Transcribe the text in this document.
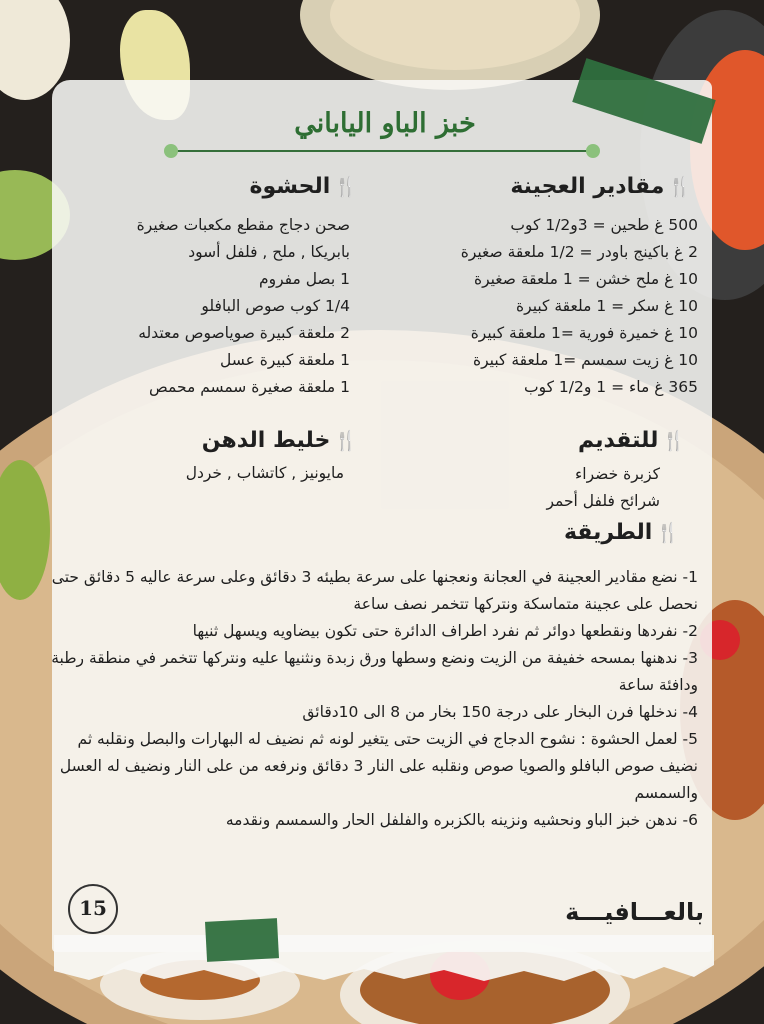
خبز الباو الياباني
🍴مقادير العجينة
500 غ طحين = 3و1/2 كوب
2 غ باكينج باودر = 1/2 ملعقة صغيرة
10 غ ملح خشن = 1 ملعقة صغيرة
10 غ سكر = 1 ملعقة كبيرة
10 غ خميرة فورية =1 ملعقة كبيرة
10 غ زيت سمسم =1 ملعقة كبيرة
365 غ ماء = 1 و1/2 كوب
🍴الحشوة
صحن دجاج مقطع مكعبات صغيرة
بابريكا , ملح , فلفل أسود
1 بصل مفروم
1/4 كوب صوص البافلو
2 ملعقة كبيرة صوياصوص معتدله
1 ملعقة كبيرة عسل
1 ملعقة صغيرة سمسم محمص
🍴للتقديم
كزبرة خضراء
شرائح فلفل أحمر
🍴خليط الدهن
مايونيز , كاتشاب , خردل
🍴الطريقة
1- نضع مقادير العجينة في العجانة ونعجنها على سرعة بطيئه 3 دقائق وعلى سرعة عاليه 5 دقائق حتى نحصل على عجينة متماسكة ونتركها تتخمر نصف ساعة
2- نفردها ونقطعها دوائر ثم نفرد اطراف الدائرة حتى تكون بيضاويه ويسهل ثنيها
3- ندهنها بمسحه خفيفة من الزيت ونضع وسطها ورق زبدة ونثنيها عليه ونتركها تتخمر في منطقة رطبة ودافئة ساعة
4- ندخلها فرن البخار على درجة 150 بخار من 8 الى 10دقائق
5- لعمل الحشوة : نشوح الدجاج في الزيت حتى يتغير لونه ثم نضيف له البهارات والبصل ونقلبه ثم نضيف صوص البافلو والصويا صوص ونقلبه على النار 3 دقائق ونرفعه من على النار ونضيف له العسل والسمسم
6- ندهن خبز الباو ونحشيه ونزينه بالكزبره والفلفل الحار والسمسم ونقدمه
15	بالعـــافيـــة
